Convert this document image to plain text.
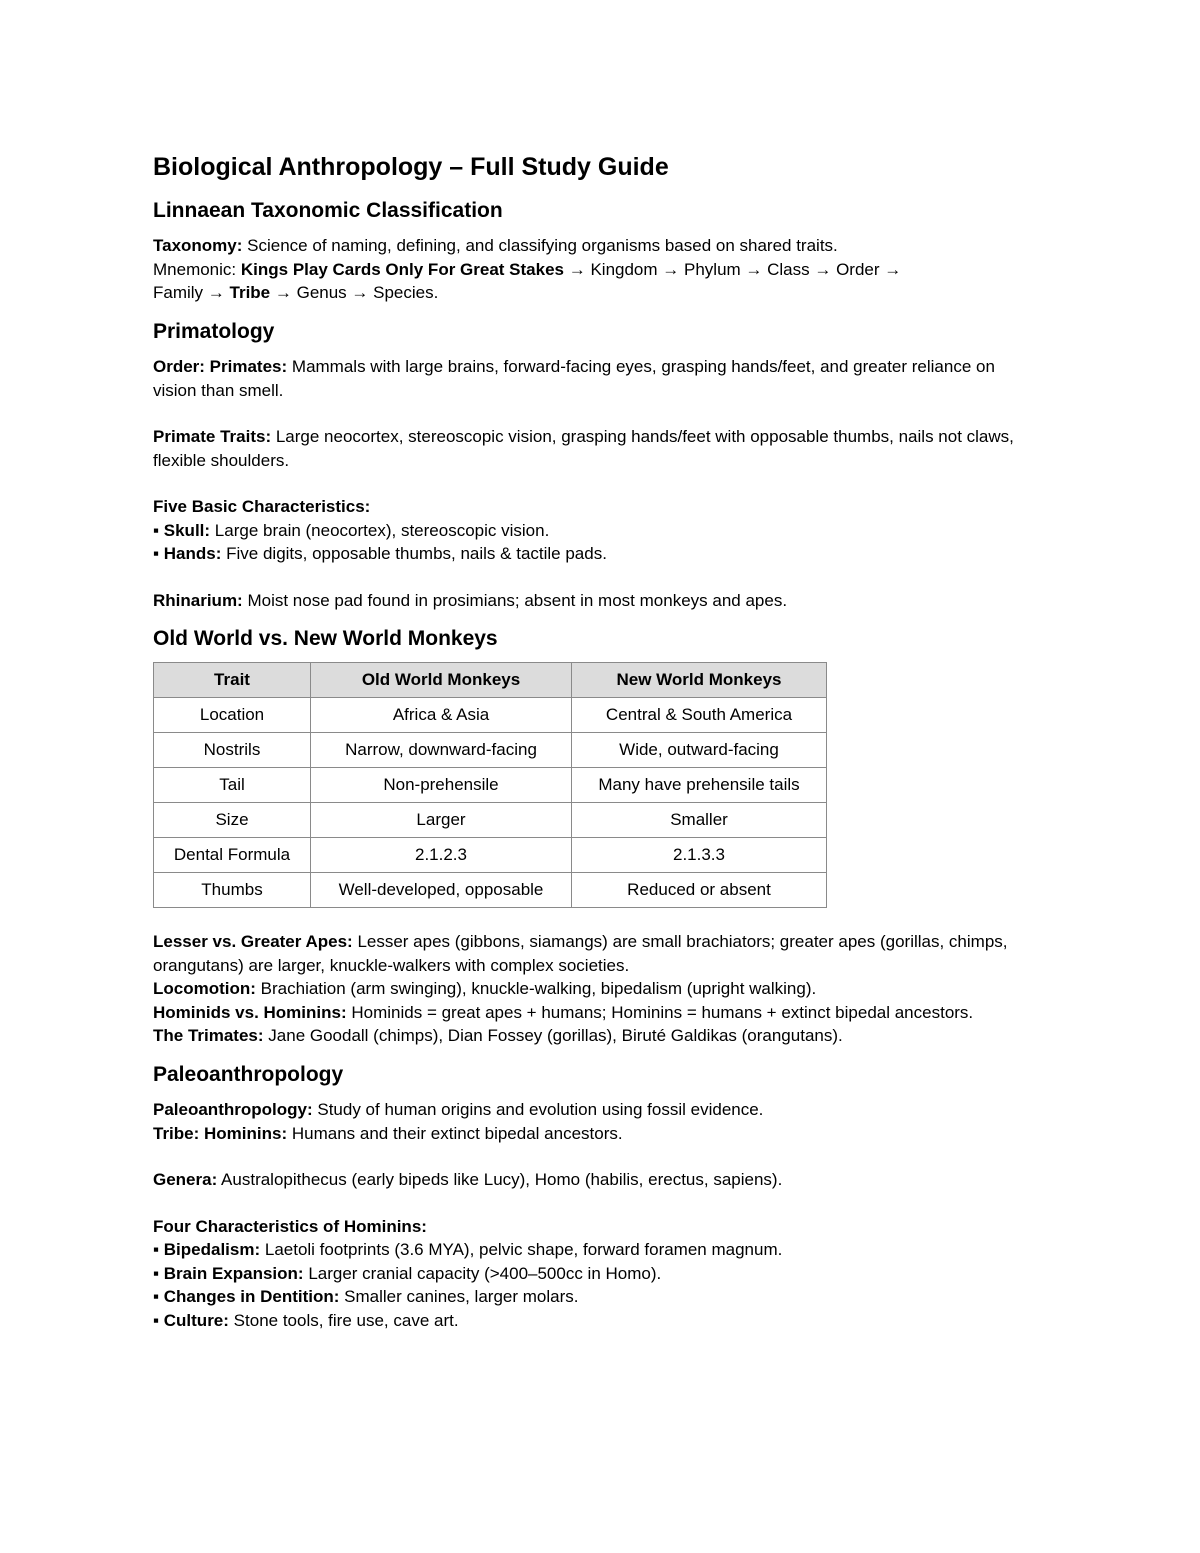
Biological Anthropology – Full Study Guide
Linnaean Taxonomic Classification

Taxonomy: Science of naming, defining, and classifying organisms based on shared traits.
Mnemonic: Kings Play Cards Only For Great Stakes → Kingdom → Phylum → Class → Order →
Family → Tribe → Genus → Species.

Primatology

Order: Primates: Mammals with large brains, forward-facing eyes, grasping hands/feet, and greater reliance on vision than smell.

Primate Traits: Large neocortex, stereoscopic vision, grasping hands/feet with opposable thumbs, nails not claws, flexible shoulders.

Five Basic Characteristics:
▪ Skull: Large brain (neocortex), stereoscopic vision.
▪ Hands: Five digits, opposable thumbs, nails & tactile pads.

Rhinarium: Moist nose pad found in prosimians; absent in most monkeys and apes.

Old World vs. New World Monkeys
Trait	Old World Monkeys	New World Monkeys
Location	Africa & Asia	Central & South America
Nostrils	Narrow, downward-facing	Wide, outward-facing
Tail	Non-prehensile	Many have prehensile tails
Size	Larger	Smaller
Dental Formula	2.1.2.3	2.1.3.3
Thumbs	Well-developed, opposable	Reduced or absent

Lesser vs. Greater Apes: Lesser apes (gibbons, siamangs) are small brachiators; greater apes (gorillas, chimps, orangutans) are larger, knuckle-walkers with complex societies.
Locomotion: Brachiation (arm swinging), knuckle-walking, bipedalism (upright walking).
Hominids vs. Hominins: Hominids = great apes + humans; Hominins = humans + extinct bipedal ancestors.
The Trimates: Jane Goodall (chimps), Dian Fossey (gorillas), Biruté Galdikas (orangutans).

Paleoanthropology

Paleoanthropology: Study of human origins and evolution using fossil evidence.
Tribe: Hominins: Humans and their extinct bipedal ancestors.

Genera: Australopithecus (early bipeds like Lucy), Homo (habilis, erectus, sapiens).

Four Characteristics of Hominins:
▪ Bipedalism: Laetoli footprints (3.6 MYA), pelvic shape, forward foramen magnum.
▪ Brain Expansion: Larger cranial capacity (>400–500cc in Homo).
▪ Changes in Dentition: Smaller canines, larger molars.
▪ Culture: Stone tools, fire use, cave art.
